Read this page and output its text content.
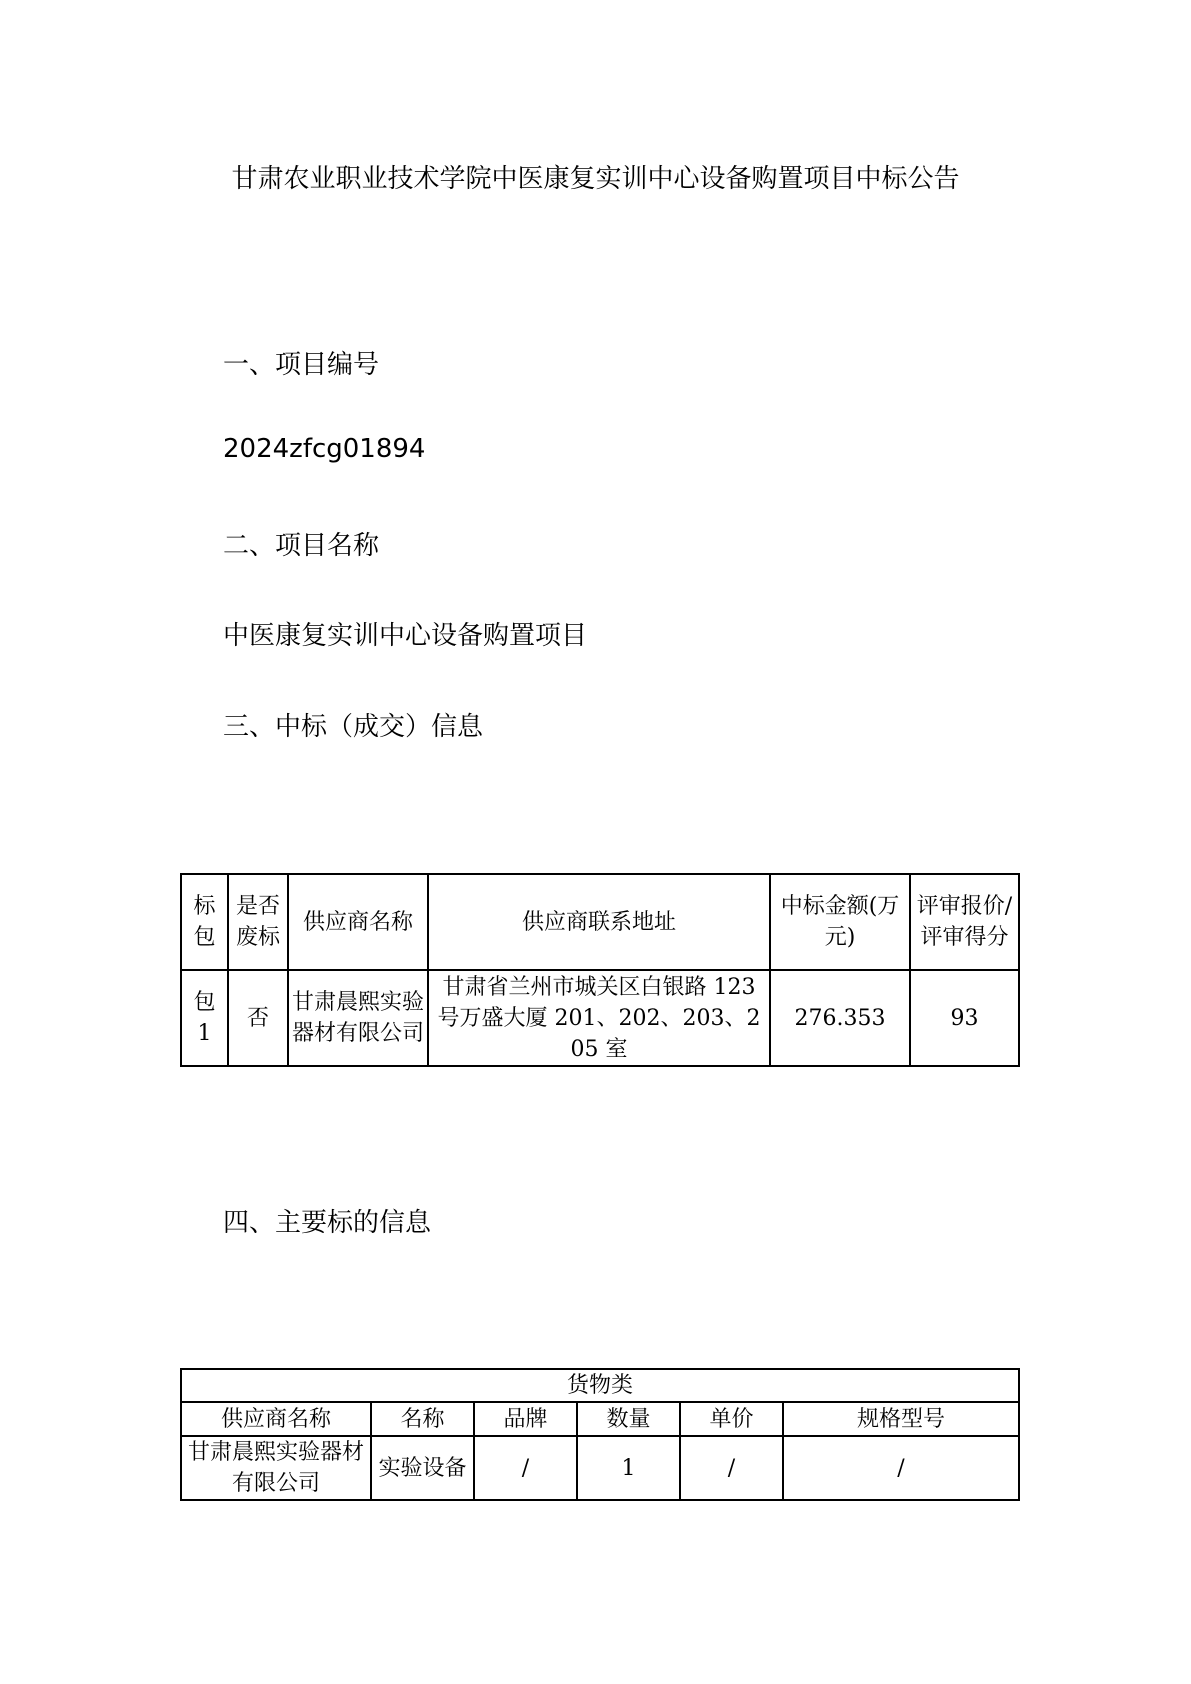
甘肃农业职业技术学院中医康复实训中心设备购置项目中标公告
一、项目编号

2024zfcg01894

二、项目名称

中医康复实训中心设备购置项目

三、中标（成交）信息
标包	是否废标	供应商名称	供应商联系地址	中标金额(万元)	评审报价/评审得分
包 1	否	甘肃晨熙实验器材有限公司	甘肃省兰州市城关区白银路 123 号万盛大厦 201、202、203、205 室	276.353	93
四、主要标的信息
货物类					
供应商名称	名称	品牌	数量	单价	规格型号
甘肃晨熙实验器材有限公司	实验设备	/	1	/	/
